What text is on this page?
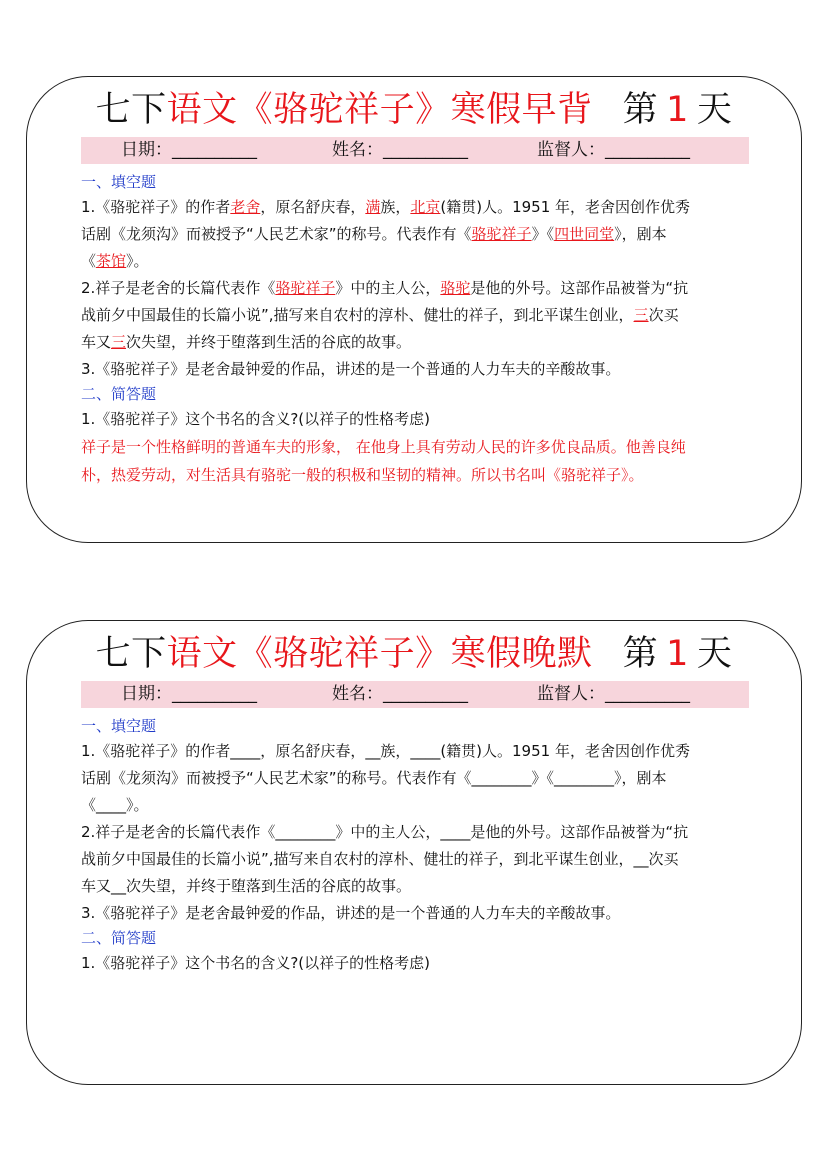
七下语文《骆驼祥子》寒假早背 第 1 天
日期：__________	姓名：__________	监督人：__________
一、填空题
1.《骆驼祥子》的作者老舍，原名舒庆春，满族，北京(籍贯)人。1951 年，老舍因创作优秀
话剧《龙须沟》而被授予“人民艺术家”的称号。代表作有《骆驼祥子》《四世同堂》，剧本
《茶馆》。
2.祥子是老舍的长篇代表作《骆驼祥子》中的主人公，骆驼是他的外号。这部作品被誉为“抗
战前夕中国最佳的长篇小说”,描写来自农村的淳朴、健壮的祥子，到北平谋生创业，三次买
车又三次失望，并终于堕落到生活的谷底的故事。
3.《骆驼祥子》是老舍最钟爱的作品，讲述的是一个普通的人力车夫的辛酸故事。
二、简答题
1.《骆驼祥子》这个书名的含义?(以祥子的性格考虑)
祥子是一个性格鲜明的普通车夫的形象， 在他身上具有劳动人民的许多优良品质。他善良纯
朴，热爱劳动，对生活具有骆驼一般的积极和坚韧的精神。所以书名叫《骆驼祥子》。
七下语文《骆驼祥子》寒假晚默 第 1 天
日期：__________	姓名：__________	监督人：__________
一、填空题
1.《骆驼祥子》的作者____，原名舒庆春，__族，____(籍贯)人。1951 年，老舍因创作优秀
话剧《龙须沟》而被授予“人民艺术家”的称号。代表作有《________》《________》，剧本
《____》。
2.祥子是老舍的长篇代表作《________》中的主人公，____是他的外号。这部作品被誉为“抗
战前夕中国最佳的长篇小说”,描写来自农村的淳朴、健壮的祥子，到北平谋生创业，__次买
车又__次失望，并终于堕落到生活的谷底的故事。
3.《骆驼祥子》是老舍最钟爱的作品，讲述的是一个普通的人力车夫的辛酸故事。
二、简答题
1.《骆驼祥子》这个书名的含义?(以祥子的性格考虑)
